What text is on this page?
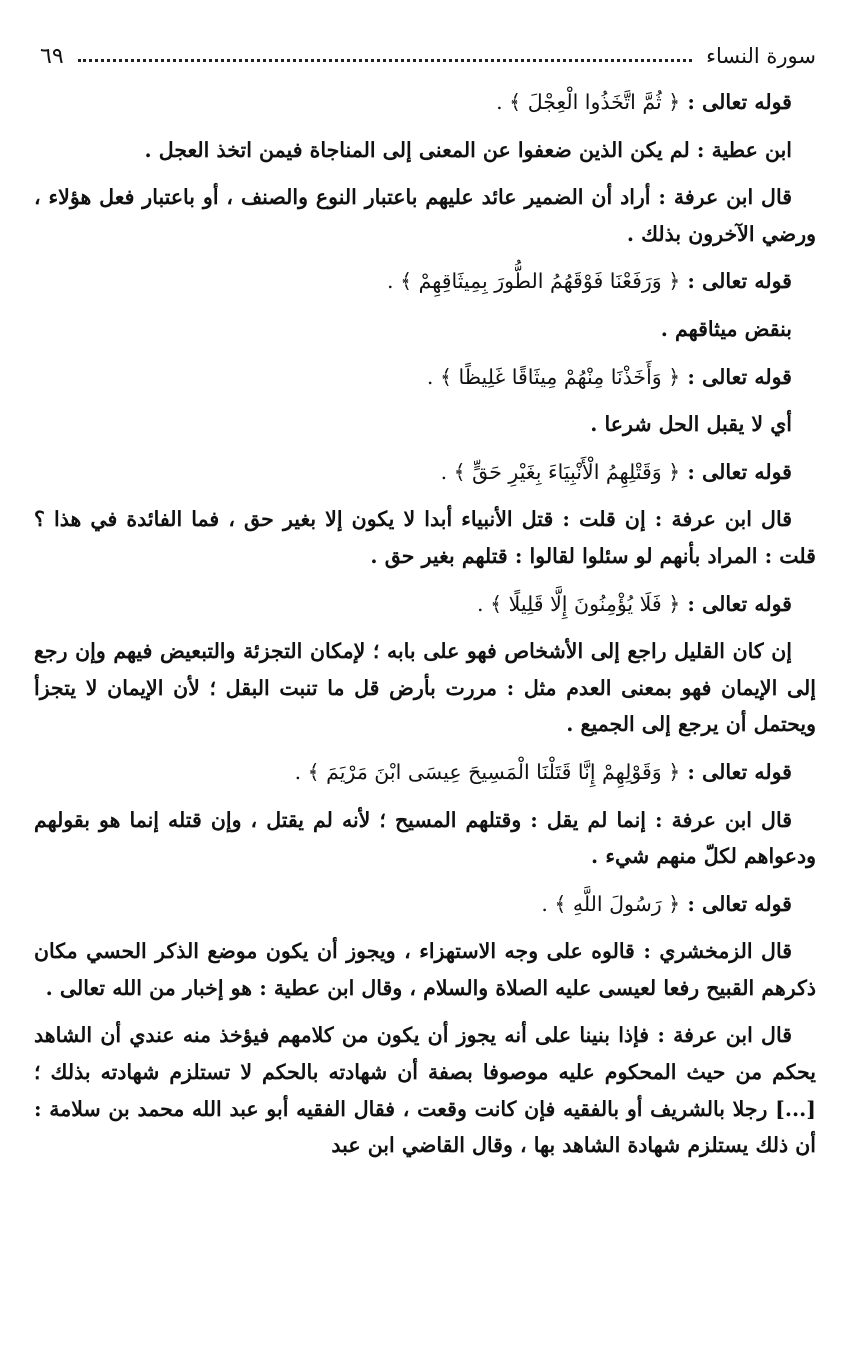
سورة النساء
٦٩
قوله تعالى : ﴿ ثُمَّ اتَّخَذُوا الْعِجْلَ ﴾ .

ابن عطية : لم يكن الذين ضعفوا عن المعنى إلى المناجاة فيمن اتخذ العجل .

قال ابن عرفة : أراد أن الضمير عائد عليهم باعتبار النوع والصنف ، أو باعتبار فعل هؤلاء ، ورضي الآخرون بذلك .

قوله تعالى : ﴿ وَرَفَعْنَا فَوْقَهُمُ الطُّورَ بِمِيثَاقِهِمْ ﴾ .

بنقض ميثاقهم .

قوله تعالى : ﴿ وَأَخَذْنَا مِنْهُمْ مِيثَاقًا غَلِيظًا ﴾ .

أي لا يقبل الحل شرعا .

قوله تعالى : ﴿ وَقَتْلِهِمُ الْأَنْبِيَاءَ بِغَيْرِ حَقٍّ ﴾ .

قال ابن عرفة : إن قلت : قتل الأنبياء أبدا لا يكون إلا بغير حق ، فما الفائدة في هذا ؟ قلت : المراد بأنهم لو سئلوا لقالوا : قتلهم بغير حق .

قوله تعالى : ﴿ فَلَا يُؤْمِنُونَ إِلَّا قَلِيلًا ﴾ .

إن كان القليل راجع إلى الأشخاص فهو على بابه ؛ لإمكان التجزئة والتبعيض فيهم وإن رجع إلى الإيمان فهو بمعنى العدم مثل : مررت بأرض قل ما تنبت البقل ؛ لأن الإيمان لا يتجزأ ويحتمل أن يرجع إلى الجميع .

قوله تعالى : ﴿ وَقَوْلِهِمْ إِنَّا قَتَلْنَا الْمَسِيحَ عِيسَى ابْنَ مَرْيَمَ ﴾ .

قال ابن عرفة : إنما لم يقل : وقتلهم المسيح ؛ لأنه لم يقتل ، وإن قتله إنما هو بقولهم ودعواهم لكلّ منهم شيء .

قوله تعالى : ﴿ رَسُولَ اللَّهِ ﴾ .

قال الزمخشري : قالوه على وجه الاستهزاء ، ويجوز أن يكون موضع الذكر الحسي مكان ذكرهم القبيح رفعا لعيسى عليه الصلاة والسلام ، وقال ابن عطية : هو إخبار من الله تعالى .

قال ابن عرفة : فإذا بنينا على أنه يجوز أن يكون من كلامهم فيؤخذ منه عندي أن الشاهد يحكم من حيث المحكوم عليه موصوفا بصفة أن شهادته بالحكم لا تستلزم شهادته بذلك ؛[...] رجلا بالشريف أو بالفقيه فإن كانت وقعت ، فقال الفقيه أبو عبد الله محمد بن سلامة : أن ذلك يستلزم شهادة الشاهد بها ، وقال القاضي ابن عبد
